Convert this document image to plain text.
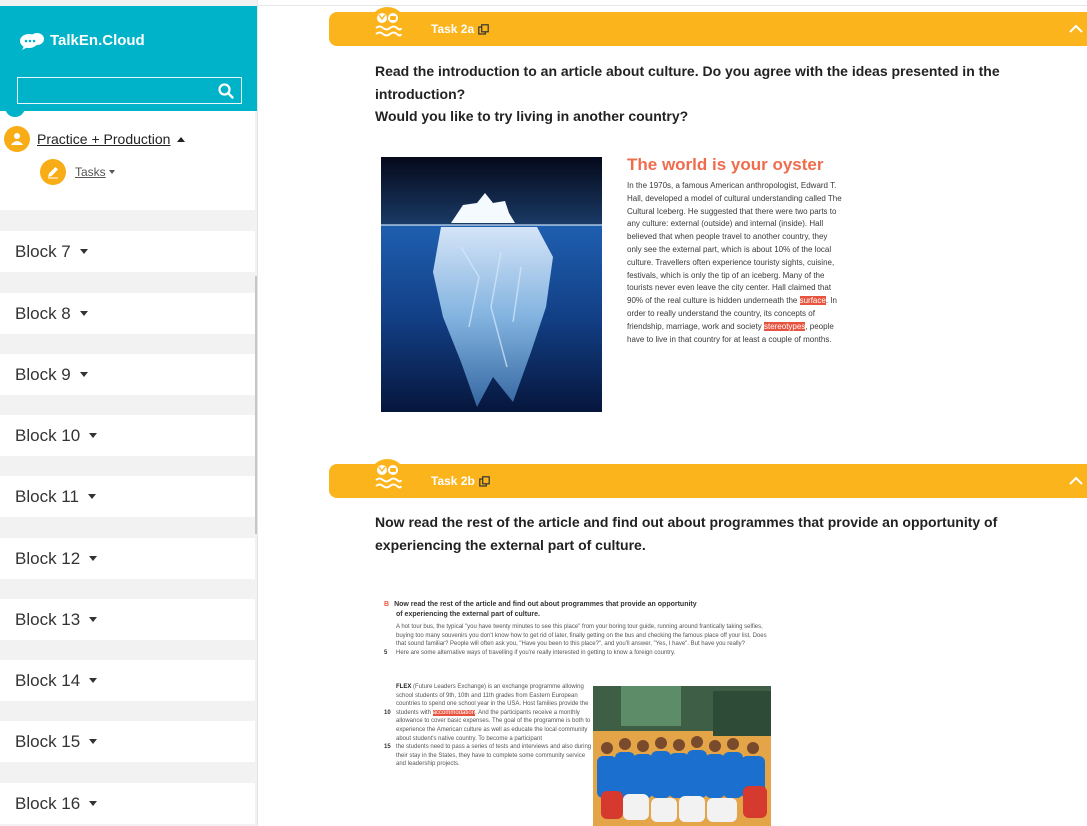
TalkEn.Cloud
Practice + Production
Tasks
Block 7
Block 8
Block 9
Block 10
Block 11
Block 12
Block 13
Block 14
Block 15
Block 16
Task 2a

Read the introduction to an article about culture. Do you agree with the ideas presented in the introduction?

Would you like to try living in another country?

The world is your oyster
In the 1970s, a famous American anthropologist, Edward T. Hall, developed a model of cultural understanding called The Cultural Iceberg. He suggested that there were two parts to any culture: external (outside) and internal (inside). Hall believed that when people travel to another country, they only see the external part, which is about 10% of the local culture. Travellers often experience touristy sights, cuisine, festivals, which is only the tip of an iceberg. Many of the tourists never even leave the city center. Hall claimed that 90% of the real culture is hidden underneath the surface. In order to really understand the country, its concepts of friendship, marriage, work and society stereotypes, people have to live in that country for at least a couple of months.
Task 2b

Now read the rest of the article and find out about programmes that provide an opportunity of experiencing the external part of culture.

B Now read the rest of the article and find out about programmes that provide an opportunity
of experiencing the external part of culture.
A hot tour bus, the typical "you have twenty minutes to see this place" from your boring tour guide, running around frantically taking selfies, buying too many souvenirs you don't know how to get rid of later, finally getting on the bus and checking the famous place off your list. Does that sound familiar? People will often ask you, "Have you been to this place?", and you'll answer, "Yes, I have". But have you really?
5 Here are some alternative ways of travelling if you're really interested in getting to know a foreign country.
FLEX (Future Leaders Exchange) is an exchange programme allowing school students of 9th, 10th and 11th grades from Eastern European countries to spend one school year in the USA. Host families provide the
10 students with accommodation. And the participants receive a monthly allowance to cover basic expenses. The goal of the programme is both to experience the American culture as well as educate the local community about student's native country. To become a participant
15 the students need to pass a series of tests and interviews and also during their stay in the States, they have to complete some community service and leadership projects.
